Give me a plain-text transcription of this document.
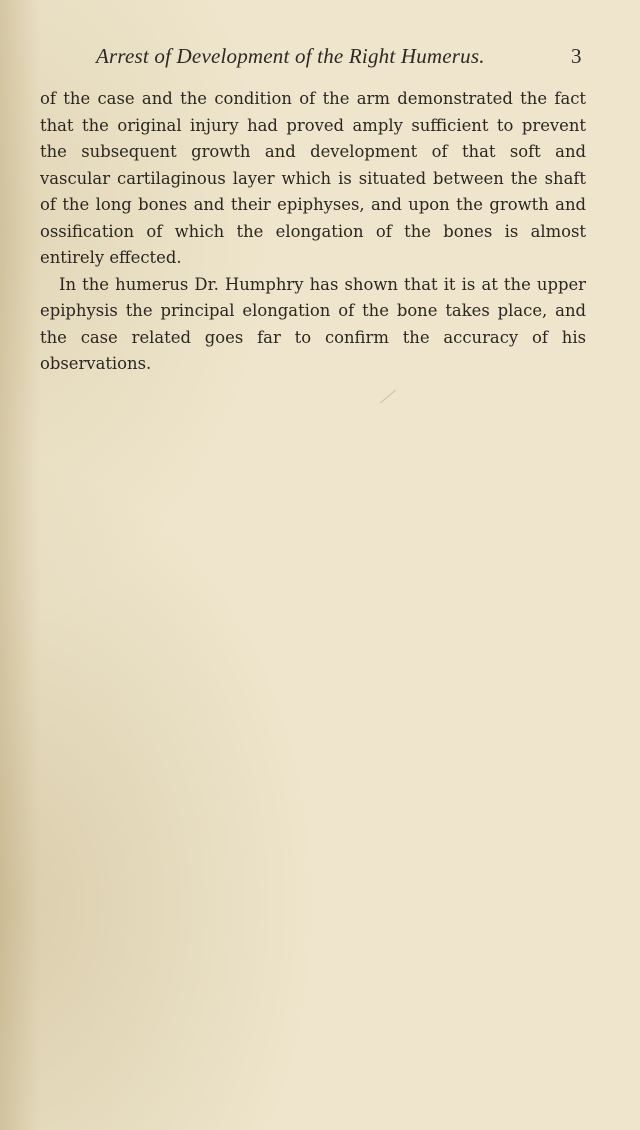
Arrest of Development of the Right Humerus.	3

of the case and the condition of the arm demonstrated the fact that the original injury had proved amply sufficient to prevent the subsequent growth and development of that soft and vascular cartilaginous layer which is situated between the shaft of the long bones and their epiphyses, and upon the growth and ossification of which the elongation of the bones is almost entirely effected.

In the humerus Dr. Humphry has shown that it is at the upper epiphysis the principal elongation of the bone takes place, and the case related goes far to confirm the accuracy of his observations.
